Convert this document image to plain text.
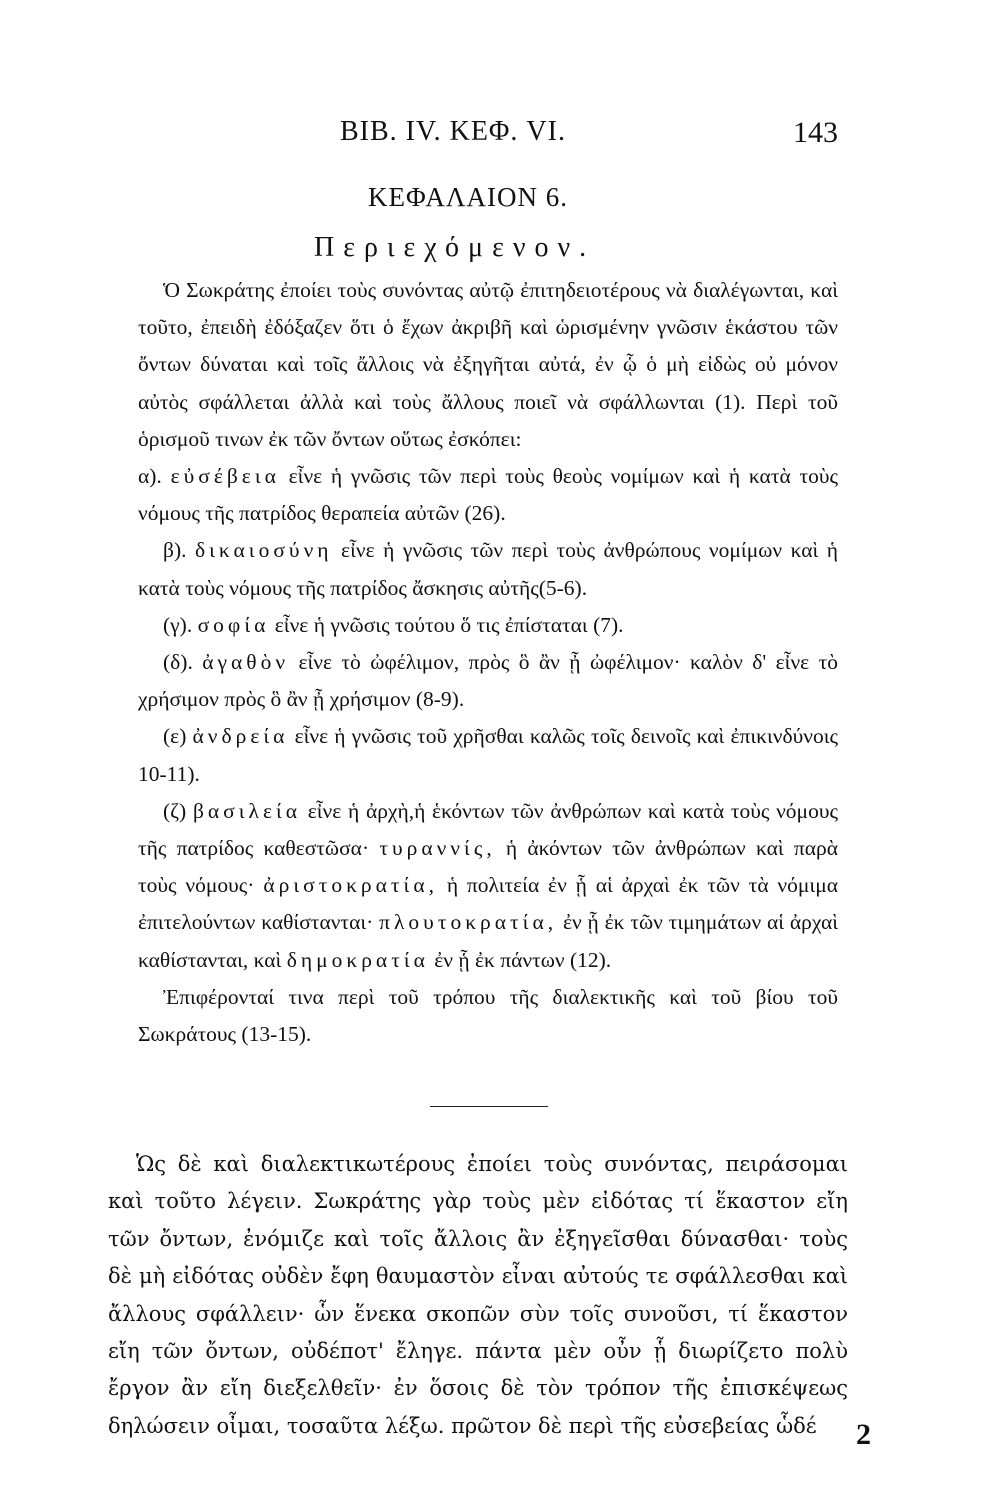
BIB. IV. ΚΕΦ. VI.	143
ΚΕΦΑΛΑΙΟΝ 6.
Περιεχόμενον.

Ὁ Σωκράτης ἐποίει τοὺς συνόντας αὐτῷ ἐπιτηδειοτέρους νὰ διαλέγωνται, καὶ τοῦτο, ἐπειδὴ ἐδόξαζεν ὅτι ὁ ἔχων ἀκριβῆ καὶ ὡρισμένην γνῶσιν ἑκάστου τῶν ὄντων δύναται καὶ τοῖς ἄλλοις νὰ ἐξηγῆται αὐτά, ἐν ᾧ ὁ μὴ εἰδὼς οὐ μόνον αὐτὸς σφάλλεται ἀλλὰ καὶ τοὺς ἄλλους ποιεῖ νὰ σφάλλωνται (1). Περὶ τοῦ ὁρισμοῦ τινων ἐκ τῶν ὄντων οὕτως ἐσκόπει:

α). εὐσέβεια εἶνε ἡ γνῶσις τῶν περὶ τοὺς θεοὺς νομίμων καὶ ἡ κατὰ τοὺς νόμους τῆς πατρίδος θεραπεία αὐτῶν (26).

β). δικαιοσύνη εἶνε ἡ γνῶσις τῶν περὶ τοὺς ἀνθρώπους νομίμων καὶ ἡ κατὰ τοὺς νόμους τῆς πατρίδος ἄσκησις αὐτῆς(5-6).

(γ). σοφία εἶνε ἡ γνῶσις τούτου ὅ τις ἐπίσταται (7).

(δ). ἀγαθὸν εἶνε τὸ ὠφέλιμον, πρὸς ὃ ἂν ᾖ ὠφέλιμον· καλὸν δ' εἶνε τὸ χρήσιμον πρὸς ὃ ἂν ᾖ χρήσιμον (8-9).

(ε) ἀνδρεία εἶνε ἡ γνῶσις τοῦ χρῆσθαι καλῶς τοῖς δεινοῖς καὶ ἐπικινδύνοις 10-11).

(ζ) βασιλεία εἶνε ἡ ἀρχὴ,ἡ ἑκόντων τῶν ἀνθρώπων καὶ κατὰ τοὺς νόμους τῆς πατρίδος καθεστῶσα· τυραννίς, ἡ ἀκόντων τῶν ἀνθρώπων καὶ παρὰ τοὺς νόμους· ἀριστοκρατία, ἡ πολιτεία ἐν ᾗ αἱ ἀρχαὶ ἐκ τῶν τὰ νόμιμα ἐπιτελούντων καθίστανται· πλουτοκρατία, ἐν ᾗ ἐκ τῶν τιμημάτων αἱ ἀρχαὶ καθίστανται, καὶ δημοκρατία ἐν ᾗ ἐκ πάντων (12).

Ἐπιφέρονταί τινα περὶ τοῦ τρόπου τῆς διαλεκτικῆς καὶ τοῦ βίου τοῦ Σωκράτους (13-15).

Ὡς δὲ καὶ διαλεκτικωτέρους ἐποίει τοὺς συνόντας, πειράσομαι καὶ τοῦτο λέγειν. Σωκράτης γὰρ τοὺς μὲν εἰδότας τί ἕκαστον εἴη τῶν ὄντων, ἐνόμιζε καὶ τοῖς ἄλλοις ἂν ἐξηγεῖσθαι δύνασθαι· τοὺς δὲ μὴ εἰδότας οὐδὲν ἔφη θαυμαστὸν εἶναι αὐτούς τε σφάλλεσθαι καὶ ἄλλους σφάλλειν· ὧν ἕνεκα σκοπῶν σὺν τοῖς συνοῦσι, τί ἕκαστον εἴη τῶν ὄντων, οὐδέποτ' ἔληγε. πάντα μὲν οὖν ᾗ διωρίζετο πολὺ ἔργον ἂν εἴη διεξελθεῖν· ἐν ὅσοις δὲ τὸν τρόπον τῆς ἐπισκέψεως δηλώσειν οἶμαι, τοσαῦτα λέξω. πρῶτον δὲ περὶ τῆς εὐσεβείας ὧδέ	2
